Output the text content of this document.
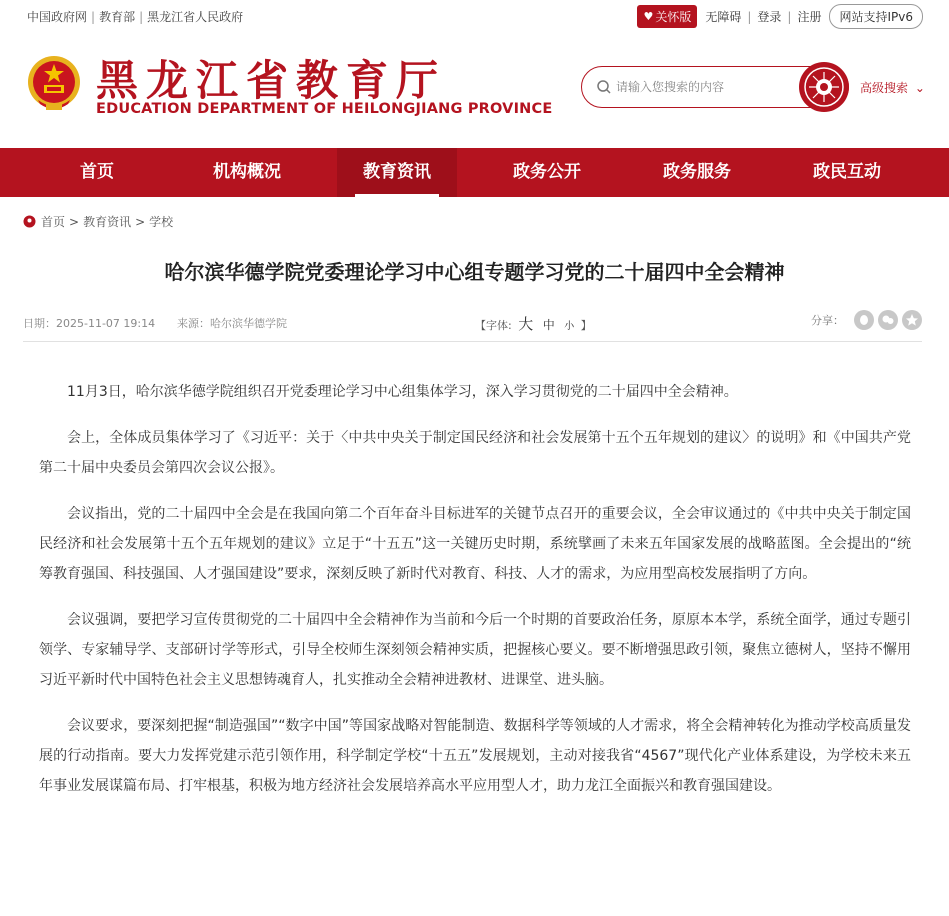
中国政府网 | 教育部 | 黑龙江省人民政府	♥ 关怀版 无障碍 | 登录 | 注册	网站支持IPv6
黑龙江省教育厅
EDUCATION DEPARTMENT OF HEILONGJIANG PROVINCE
请输入您搜索的内容
高级搜索 ⌄
首页	机构概况	教育资讯	政务公开	政务服务	政民互动
首页 > 教育资讯 > 学校
哈尔滨华德学院党委理论学习中心组专题学习党的二十届四中全会精神
日期：2025-11-07 19:14 来源：哈尔滨华德学院	【字体: 大 中 小 】	分享：

11月3日，哈尔滨华德学院组织召开党委理论学习中心组集体学习，深入学习贯彻党的二十届四中全会精神。

会上，全体成员集体学习了《习近平：关于〈中共中央关于制定国民经济和社会发展第十五个五年规划的建议〉的说明》和《中国共产党第二十届中央委员会第四次会议公报》。

会议指出，党的二十届四中全会是在我国向第二个百年奋斗目标进军的关键节点召开的重要会议，全会审议通过的《中共中央关于制定国民经济和社会发展第十五个五年规划的建议》立足于“十五五”这一关键历史时期，系统擘画了未来五年国家发展的战略蓝图。全会提出的“统筹教育强国、科技强国、人才强国建设”要求，深刻反映了新时代对教育、科技、人才的需求，为应用型高校发展指明了方向。

会议强调，要把学习宣传贯彻党的二十届四中全会精神作为当前和今后一个时期的首要政治任务，原原本本学，系统全面学，通过专题引领学、专家辅导学、支部研讨学等形式，引导全校师生深刻领会精神实质，把握核心要义。要不断增强思政引领，聚焦立德树人，坚持不懈用习近平新时代中国特色社会主义思想铸魂育人，扎实推动全会精神进教材、进课堂、进头脑。

会议要求，要深刻把握“制造强国”“数字中国”等国家战略对智能制造、数据科学等领域的人才需求，将全会精神转化为推动学校高质量发展的行动指南。要大力发挥党建示范引领作用，科学制定学校“十五五”发展规划，主动对接我省“4567”现代化产业体系建设，为学校未来五年事业发展谋篇布局、打牢根基，积极为地方经济社会发展培养高水平应用型人才，助力龙江全面振兴和教育强国建设。
